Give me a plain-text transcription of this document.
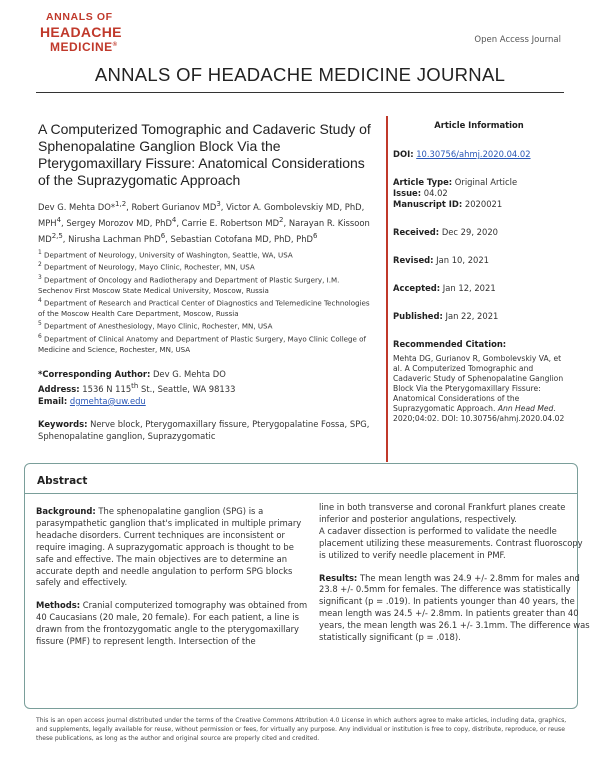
ANNALS OF
HEADACHE
MEDICINE®	Open Access Journal
ANNALS OF HEADACHE MEDICINE JOURNAL
A Computerized Tomographic and Cadaveric Study of Sphenopalatine Ganglion Block Via the Pterygomaxillary Fissure: Anatomical Considerations of the Suprazygomatic Approach
Dev G. Mehta DO*$^{1,2}$, Robert Gurianov $MD^3$, Victor A. Gombolevskiy MD, PhD, MPH$^4$, Sergey Morozov MD, PhD$^4$, Carrie E. Robertson $MD^2$, Narayan R. Kissoon MD$^{2,5}$, Nirusha Lachman PhD$^6$, Sebastian Cotofana MD, PhD, PhD$^6$
$^1$ Department of Neurology, University of Washington, Seattle, WA, USA
$^2$ Department of Neurology, Mayo Clinic, Rochester, MN, USA
$^3$ Department of Oncology and Radiotherapy and Department of Plastic Surgery, I.M. Sechenov First Moscow State Medical University, Moscow, Russia
$^4$ Department of Research and Practical Center of Diagnostics and Telemedicine Technologies of the Moscow Health Care Department, Moscow, Russia
$^5$ Department of Anesthesiology, Mayo Clinic, Rochester, MN, USA
$^6$ Department of Clinical Anatomy and Department of Plastic Surgery, Mayo Clinic College of Medicine and Science, Rochester, MN, USA
*Corresponding Author: Dev G. Mehta DO
Address: 1536 N 115th St., Seattle, WA 98133
Email: dgmehta@uw.edu
Keywords: Nerve block, Pterygomaxillary fissure, Pterygopalatine Fossa, SPG, Sphenopalatine ganglion, Suprazygomatic
Article Information
DOI: 10.30756/ahmj.2020.04.02
Article Type: Original Article
Issue: 04.02
Manuscript ID: 2020021
Received: Dec 29, 2020
Revised: Jan 10, 2021
Accepted: Jan 12, 2021
Published: Jan 22, 2021
Recommended Citation:
Mehta DG, Gurianov R, Gombolevskiy VA, et al. A Computerized Tomographic and Cadaveric Study of Sphenopalatine Ganglion Block Via the Pterygomaxillary Fissure: Anatomical Considerations of the Suprazygomatic Approach. Ann Head Med. 2020;04:02. DOI: 10.30756/ahmj.2020.04.02
Abstract

Background: The sphenopalatine ganglion (SPG) is a parasympathetic ganglion that's implicated in multiple primary headache disorders. Current techniques are inconsistent or require imaging. A suprazygomatic approach is thought to be safe and effective. The main objectives are to determine an accurate depth and needle angulation to perform SPG blocks safely and effectively.

Methods: Cranial computerized tomography was obtained from 40 Caucasians (20 male, 20 female). For each patient, a line is drawn from the frontozygomatic angle to the pterygomaxillary fissure (PMF) to represent length. Intersection of the

line in both transverse and coronal Frankfurt planes create inferior and posterior angulations, respectively.

A cadaver dissection is performed to validate the needle placement utilizing these measurements. Contrast fluoroscopy is utilized to verify needle placement in PMF.

Results: The mean length was 24.9 +/- 2.8mm for males and 23.8 +/- 0.5mm for females. The difference was statistically significant (p = .019). In patients younger than 40 years, the mean length was 24.5 +/- 2.8mm. In patients greater than 40 years, the mean length was 26.1 +/- 3.1mm. The difference was statistically significant (p = .018).

This is an open access journal distributed under the terms of the Creative Commons Attribution 4.0 License in which authors agree to make articles, including data, graphics, and supplements, legally available for reuse, without permission or fees, for virtually any purpose. Any individual or institution is free to copy, distribute, reproduce, or reuse these publications, as long as the author and original source are properly cited and credited.
